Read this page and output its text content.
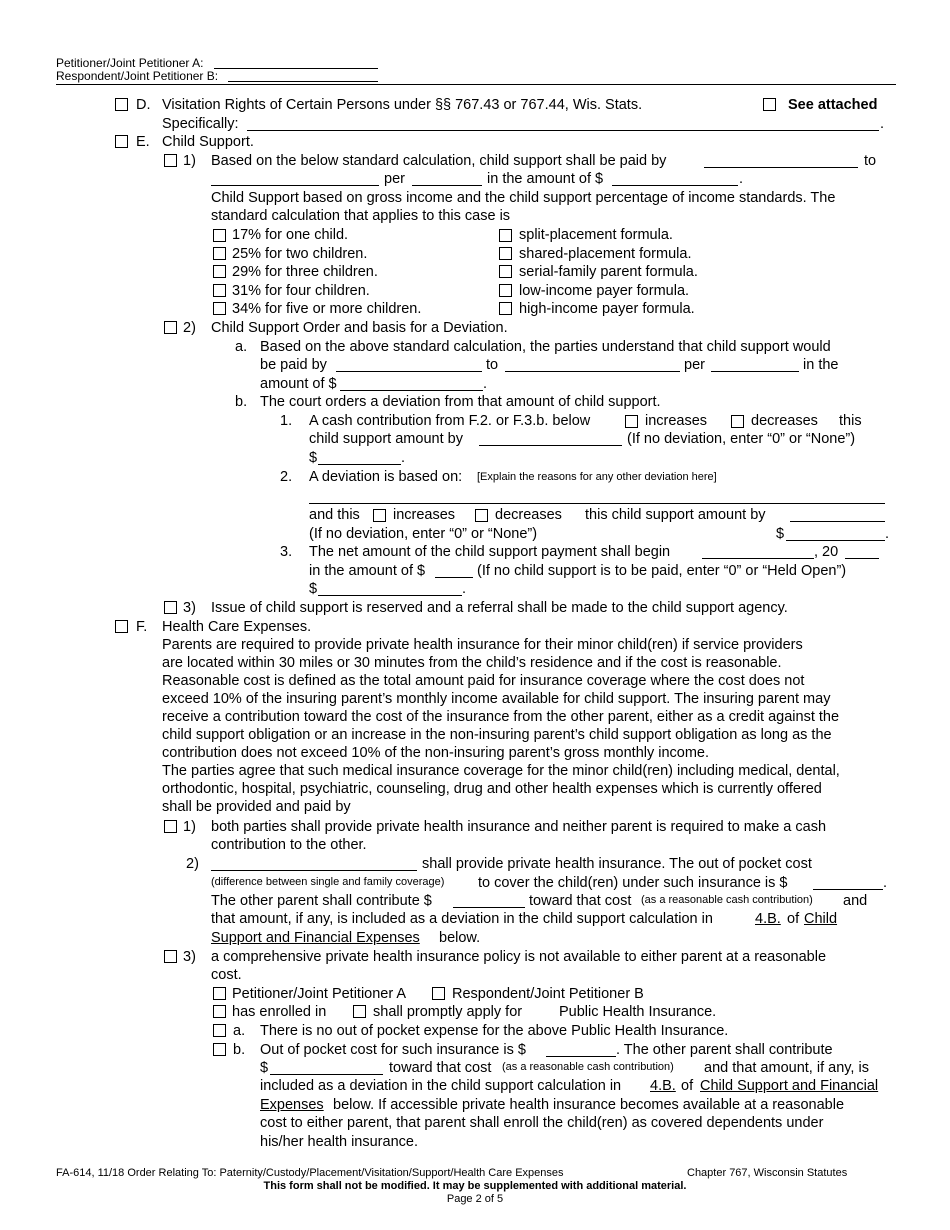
Petitioner/Joint Petitioner A:
Respondent/Joint Petitioner B:
D. Visitation Rights of Certain Persons under §§ 767.43 or 767.44, Wis. Stats.	See attached
Specifically:	.
E. Child Support.
1) Based on the below standard calculation, child support shall be paid by	to
per	in the amount of $	.
Child Support based on gross income and the child support percentage of income standards. The
standard calculation that applies to this case is
17% for one child.
25% for two children.
29% for three children.
31% for four children.
34% for five or more children.
split-placement formula.
shared-placement formula.
serial-family parent formula.
low-income payer formula.
high-income payer formula.
2) Child Support Order and basis for a Deviation.
a. Based on the above standard calculation, the parties understand that child support would
be paid by	to	per	in the
amount of $	.
b. The court orders a deviation from that amount of child support.
1. A cash contribution from F.2. or F.3.b. below	increases	decreases this
child support amount by	(If no deviation, enter “0” or “None”)
$	.
2. A deviation is based on: [Explain the reasons for any other deviation here]
and this increases	decreases this child support amount by
(If no deviation, enter “0” or “None”)	$	.
3. The net amount of the child support payment shall begin	, 20
in the amount of $	(If no child support is to be paid, enter “0” or “Held Open”)
$	.
3) Issue of child support is reserved and a referral shall be made to the child support agency.
F. Health Care Expenses.
Parents are required to provide private health insurance for their minor child(ren) if service providers
are located within 30 miles or 30 minutes from the child’s residence and if the cost is reasonable.
Reasonable cost is defined as the total amount paid for insurance coverage where the cost does not
exceed 10% of the insuring parent’s monthly income available for child support. The insuring parent may
receive a contribution toward the cost of the insurance from the other parent, either as a credit against the
child support obligation or an increase in the non-insuring parent’s child support obligation as long as the
contribution does not exceed 10% of the non-insuring parent’s gross monthly income.
The parties agree that such medical insurance coverage for the minor child(ren) including medical, dental,
orthodontic, hospital, psychiatric, counseling, drug and other health expenses which is currently offered
shall be provided and paid by
1) both parties shall provide private health insurance and neither parent is required to make a cash
contribution to the other.
2)	shall provide private health insurance. The out of pocket cost
(difference between single and family coverage) to cover the child(ren) under such insurance is $	.
The other parent shall contribute $	toward that cost (as a reasonable cash contribution) and
that amount, if any, is included as a deviation in the child support calculation in	4.B. of Child
Support and Financial Expenses below.
3) a comprehensive private health insurance policy is not available to either parent at a reasonable
cost.
Petitioner/Joint Petitioner A	Respondent/Joint Petitioner B
has enrolled in	shall promptly apply for	Public Health Insurance.
a. There is no out of pocket expense for the above Public Health Insurance.
b. Out of pocket cost for such insurance is $	. The other parent shall contribute
$	toward that cost (as a reasonable cash contribution) and that amount, if any, is
included as a deviation in the child support calculation in 4.B. of Child Support and Financial
Expenses below. If accessible private health insurance becomes available at a reasonable
cost to either parent, that parent shall enroll the child(ren) as covered dependents under
his/her health insurance.
FA-614, 11/18 Order Relating To: Paternity/Custody/Placement/Visitation/Support/Health Care Expenses	Chapter 767, Wisconsin Statutes
This form shall not be modified. It may be supplemented with additional material.
Page 2 of 5
